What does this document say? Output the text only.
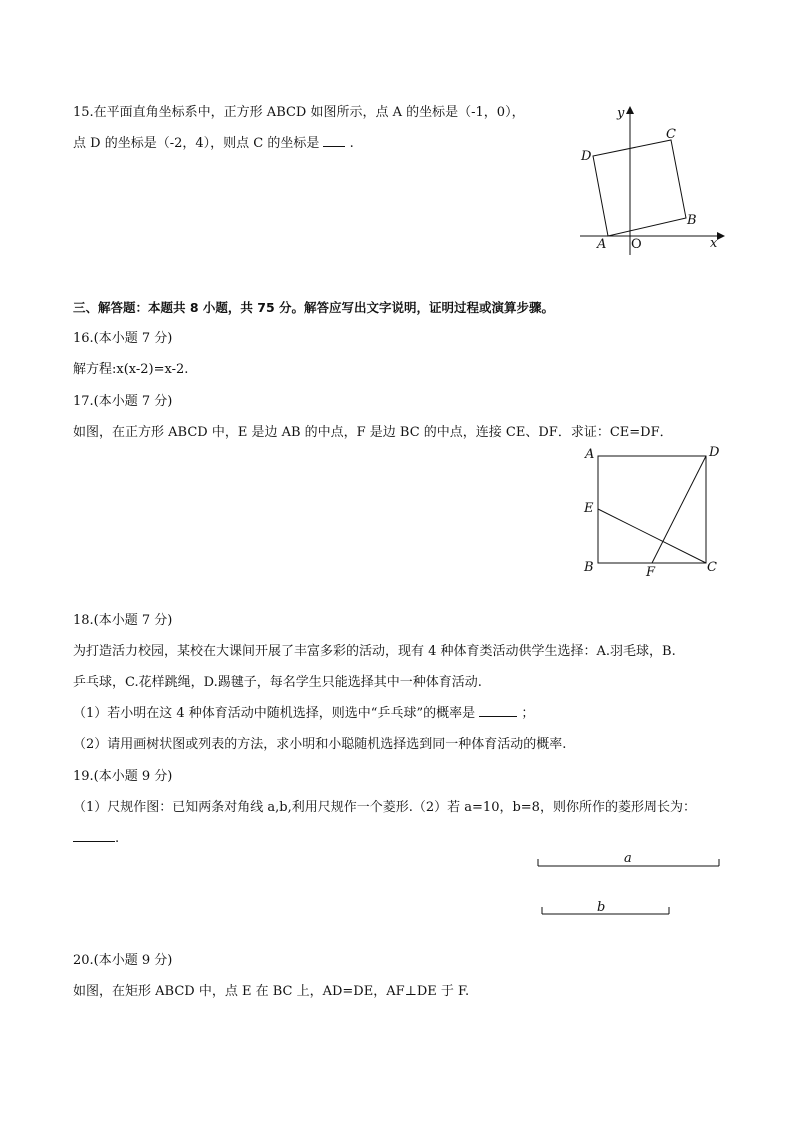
15.在平面直角坐标系中，正方形 ABCD 如图所示，点 A 的坐标是（-1，0），
点 D 的坐标是（-2，4），则点 C 的坐标是 .
y
x
O
A
B
C
D
三、解答题：本题共 8 小题，共 75 分。解答应写出文字说明，证明过程或演算步骤。
16.(本小题 7 分)
解方程:x(x-2)=x-2.
17.(本小题 7 分)
如图，在正方形 ABCD 中，E 是边 AB 的中点，F 是边 BC 的中点，连接 CE、DF．求证：CE=DF．
A	D
E
B	F	C
18.(本小题 7 分)
为打造活力校园，某校在大课间开展了丰富多彩的活动，现有 4 种体育类活动供学生选择：A.羽毛球，B.
乒乓球，C.花样跳绳，D.踢毽子，每名学生只能选择其中一种体育活动.
（1）若小明在这 4 种体育活动中随机选择，则选中“乒乓球”的概率是	；
（2）请用画树状图或列表的方法，求小明和小聪随机选择选到同一种体育活动的概率.
19.(本小题 9 分)
（1）尺规作图：已知两条对角线 a,b,利用尺规作一个菱形.（2）若 a=10，b=8，则你所作的菱形周长为：
.
a
b
20.(本小题 9 分)
如图，在矩形 ABCD 中，点 E 在 BC 上，AD=DE，AF⊥DE 于 F.
